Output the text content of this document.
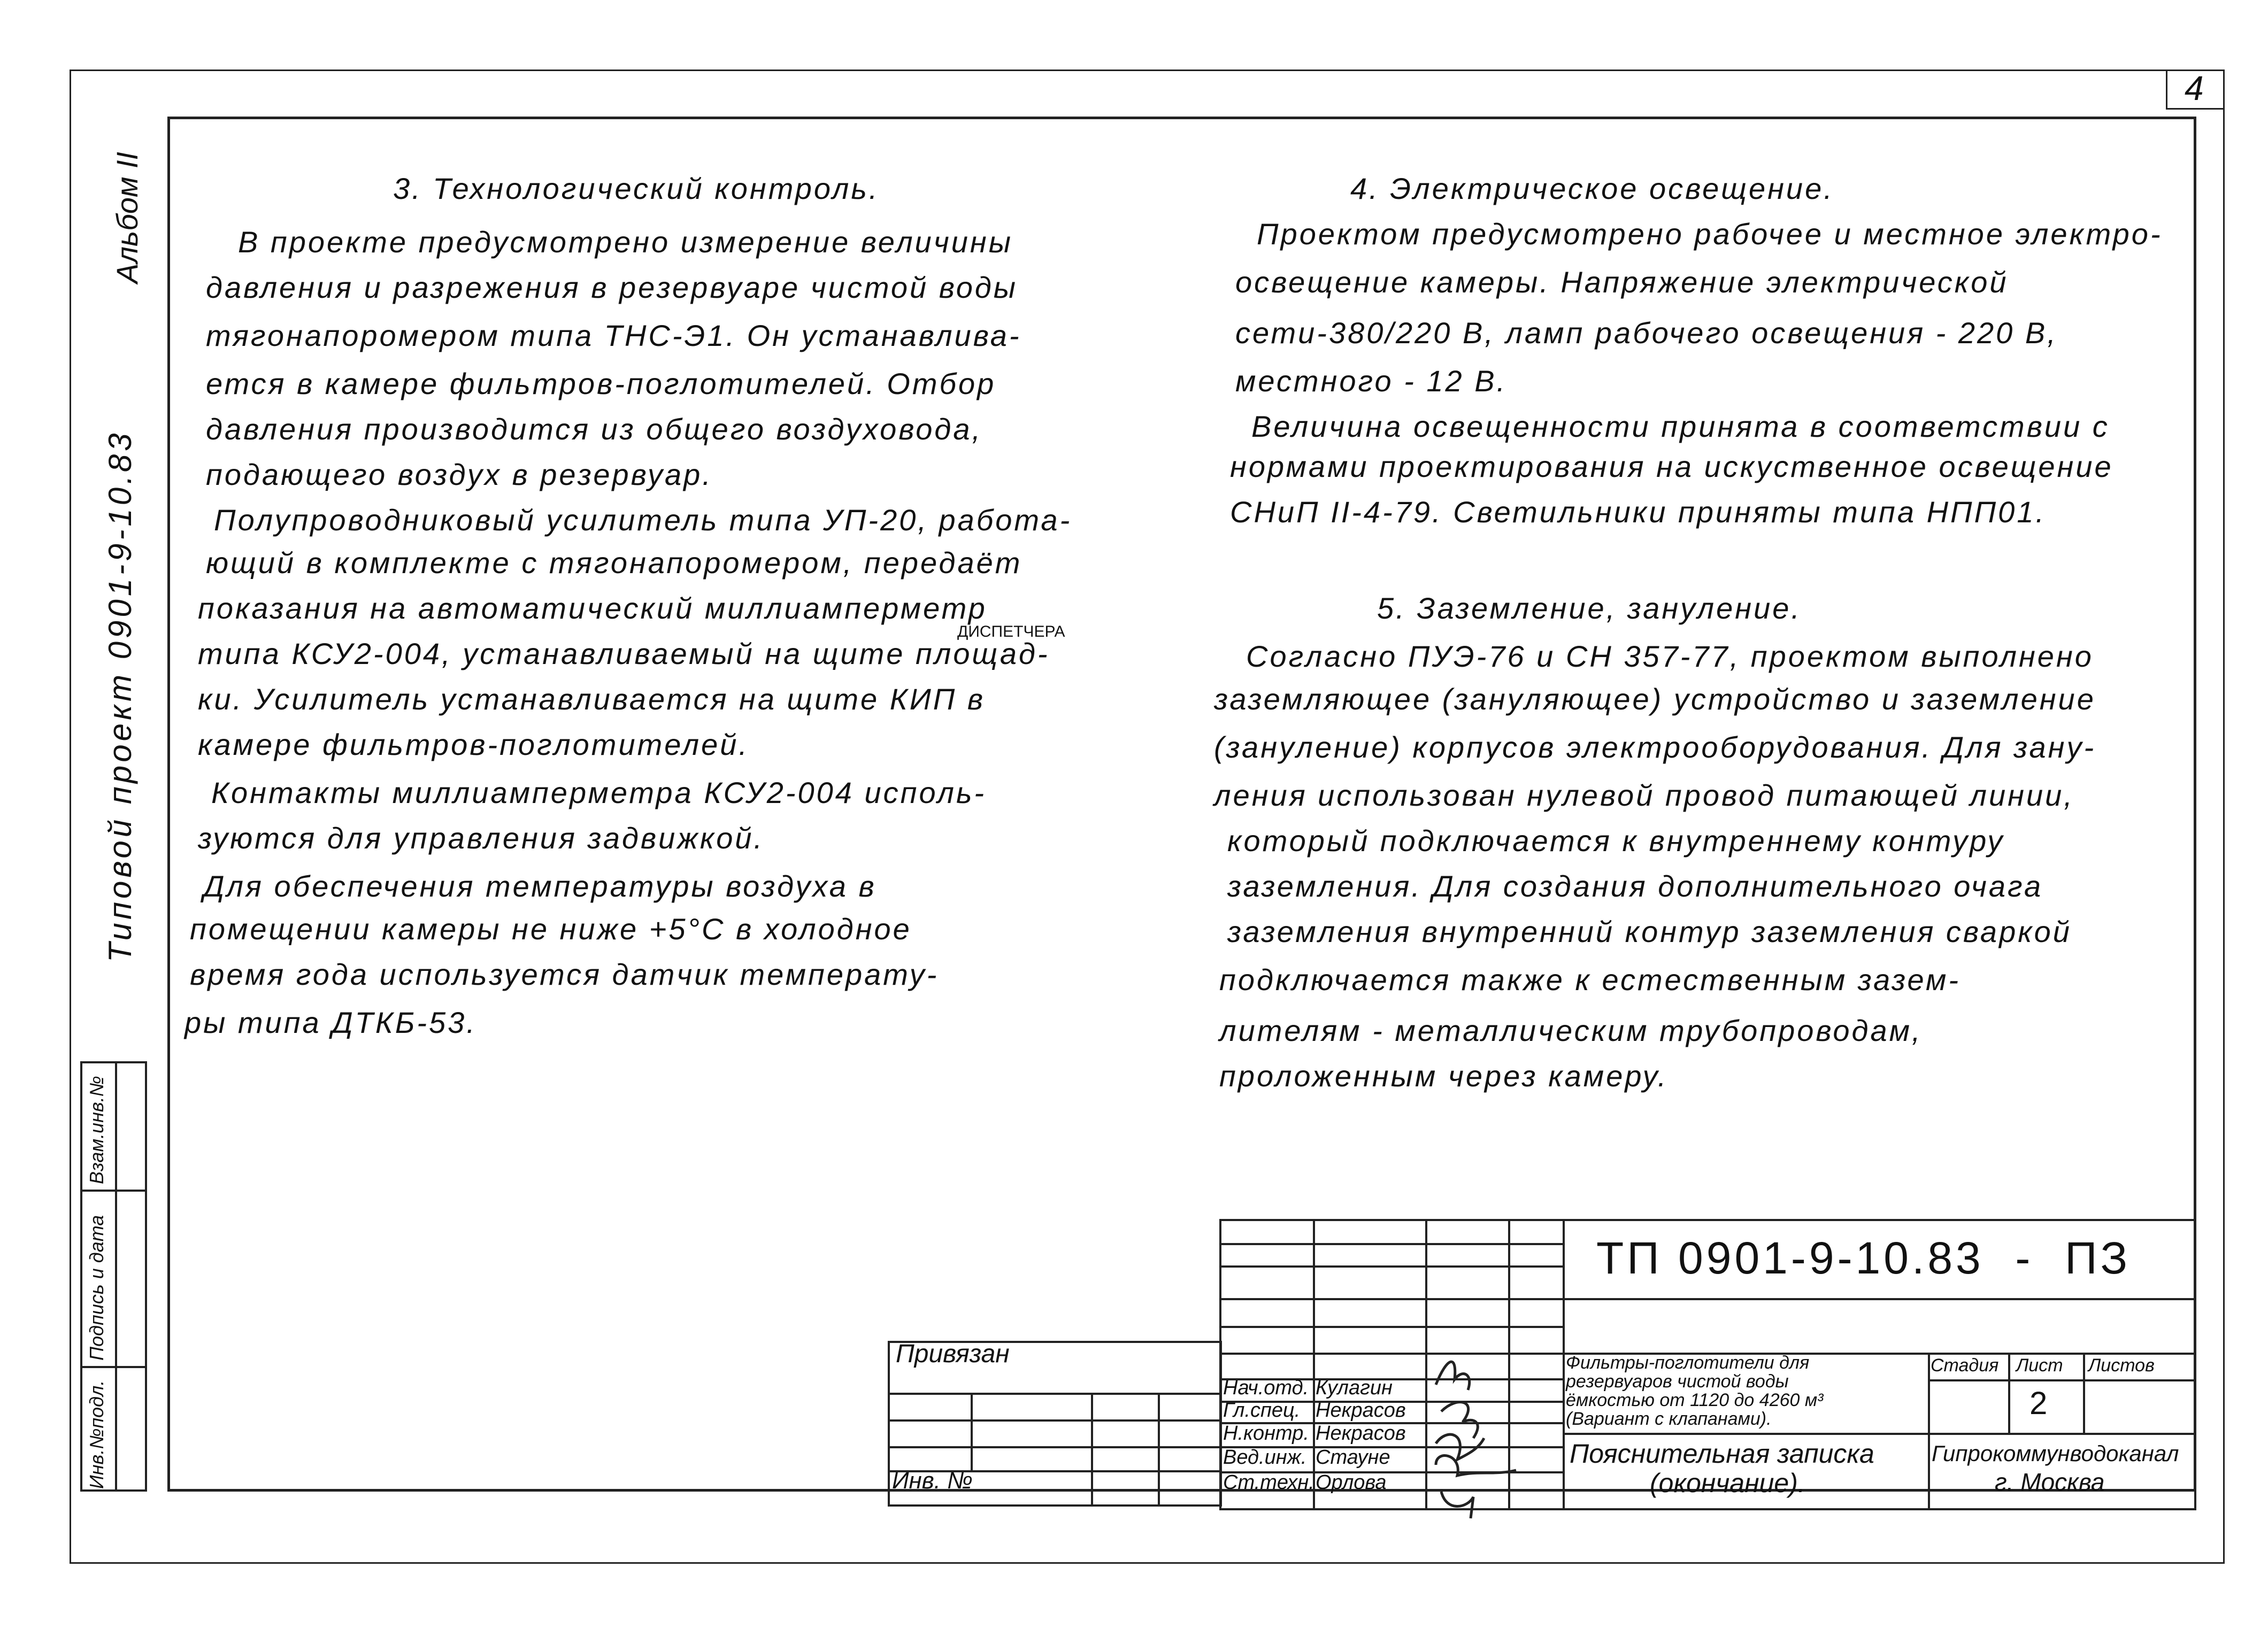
4
Альбом II
Типовой проект 0901-9-10.83
Инв.№подл.
Подпись и дата
Взам.инв.№
3. Технологический контроль.
В проекте предусмотрено измерение величины
давления и разрежения в резервуаре чистой воды
тягонапоромером типа ТНС-Э1. Он устанавлива-
ется в камере фильтров-поглотителей. Отбор
давления производится из общего воздуховода,
подающего воздух в резервуар.
Полупроводниковый усилитель типа УП-20, работа-
ющий в комплекте с тягонапоромером, передаёт
показания на автоматический миллиамперметр
ДИСПЕТЧЕРА
типа КСУ2-004, устанавливаемый на щите площад-
ки. Усилитель устанавливается на щите КИП в
камере фильтров-поглотителей.
Контакты миллиамперметра КСУ2-004 исполь-
зуются для управления задвижкой.
Для обеспечения температуры воздуха в
помещении камеры не ниже +5°С в холодное
время года используется датчик температу-
ры типа ДТКБ-53.
4. Электрическое освещение.
Проектом предусмотрено рабочее и местное электро-
освещение камеры. Напряжение электрической
сети-380/220 В, ламп рабочего освещения - 220 В,
местного - 12 В.
Величина освещенности принята в соответствии с
нормами проектирования на искуственное освещение
СНиП II-4-79. Светильники приняты типа НПП01.
5. Заземление, зануление.
Согласно ПУЭ-76 и СН 357-77, проектом выполнено
заземляющее (зануляющее) устройство и заземление
(зануление) корпусов электрооборудования. Для зану-
ления использован нулевой провод питающей линии,
который подключается к внутреннему контуру
заземления. Для создания дополнительного очага
заземления внутренний контур заземления сваркой
подключается также к естественным зазем-
лителям - металлическим трубопроводам,
проложенным через камеру.
Привязан
Инв. №
Нач.отд. Кулагин
Гл.спец. Некрасов
Н.контр. Некрасов
Вед.инж. Стауне
Ст.техн. Орлова
ТП 0901-9-10.83  -  ПЗ
Фильтры-поглотители для
резервуаров чистой воды
ёмкостью от 1120 до 4260 м³
(Вариант с клапанами).
Стадия Лист Листов
2
Пояснительная записка
(окончание).
Гипрокоммунводоканал
г. Москва
